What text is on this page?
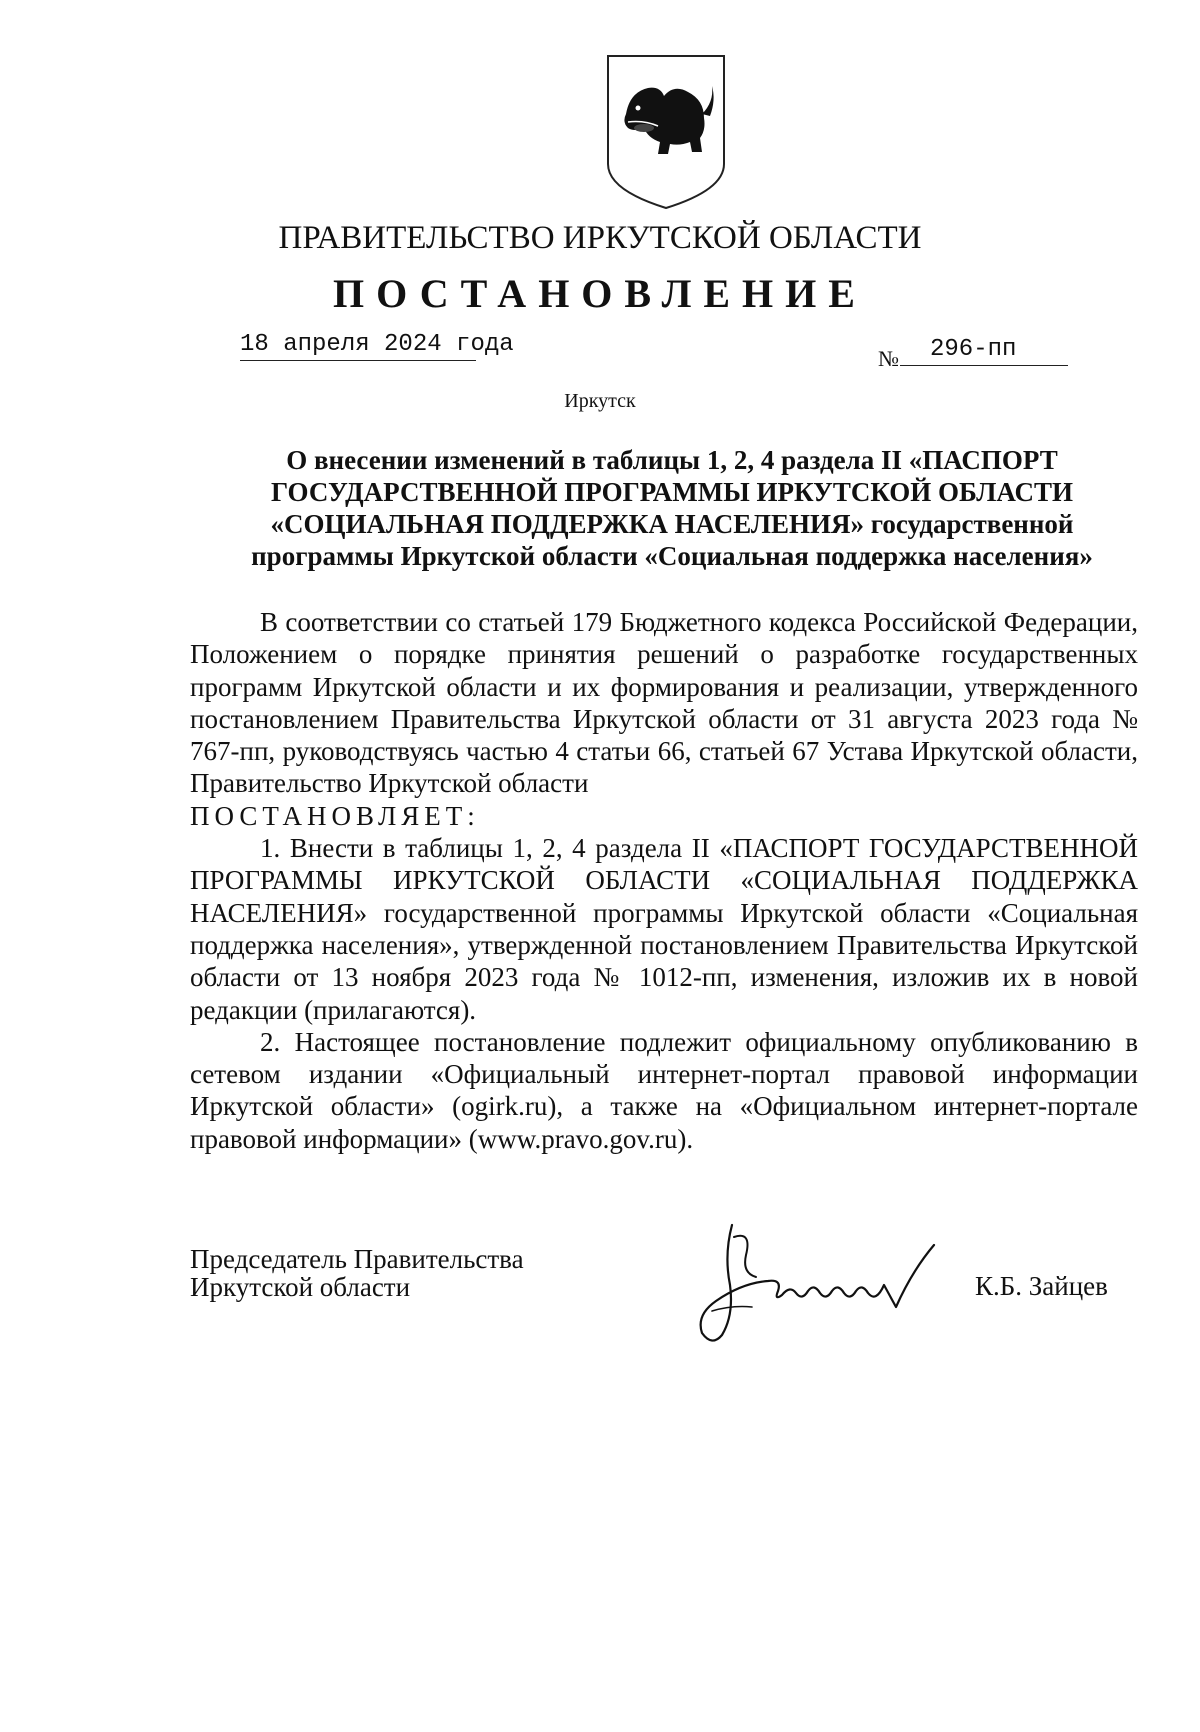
ПРАВИТЕЛЬСТВО ИРКУТСКОЙ ОБЛАСТИ
ПОСТАНОВЛЕНИЕ
18 апреля 2024 года
№	296-пп
Иркутск
О внесении изменений в таблицы 1, 2, 4 раздела II «ПАСПОРТ ГОСУДАРСТВЕННОЙ ПРОГРАММЫ ИРКУТСКОЙ ОБЛАСТИ «СОЦИАЛЬНАЯ ПОДДЕРЖКА НАСЕЛЕНИЯ» государственной программы Иркутской области «Социальная поддержка населения»

В соответствии со статьей 179 Бюджетного кодекса Российской Федерации, Положением о порядке принятия решений о разработке государственных программ Иркутской области и их формирования и реализации, утвержденного постановлением Правительства Иркутской области от 31 августа 2023 года № 767-пп, руководствуясь частью 4 статьи 66, статьей 67 Устава Иркутской области, Правительство Иркутской области

ПОСТАНОВЛЯЕТ:

1. Внести в таблицы 1, 2, 4 раздела II «ПАСПОРТ ГОСУДАРСТВЕННОЙ ПРОГРАММЫ ИРКУТСКОЙ ОБЛАСТИ «СОЦИАЛЬНАЯ ПОДДЕРЖКА НАСЕЛЕНИЯ» государственной программы Иркутской области «Социальная поддержка населения», утвержденной постановлением Правительства Иркутской области от 13 ноября 2023 года № 1012-пп, изменения, изложив их в новой редакции (прилагаются).

2. Настоящее постановление подлежит официальному опубликованию в сетевом издании «Официальный интернет-портал правовой информации Иркутской области» (ogirk.ru), а также на «Официальном интернет-портале правовой информации» (www.pravo.gov.ru).

Председатель Правительства
Иркутской области	К.Б. Зайцев
